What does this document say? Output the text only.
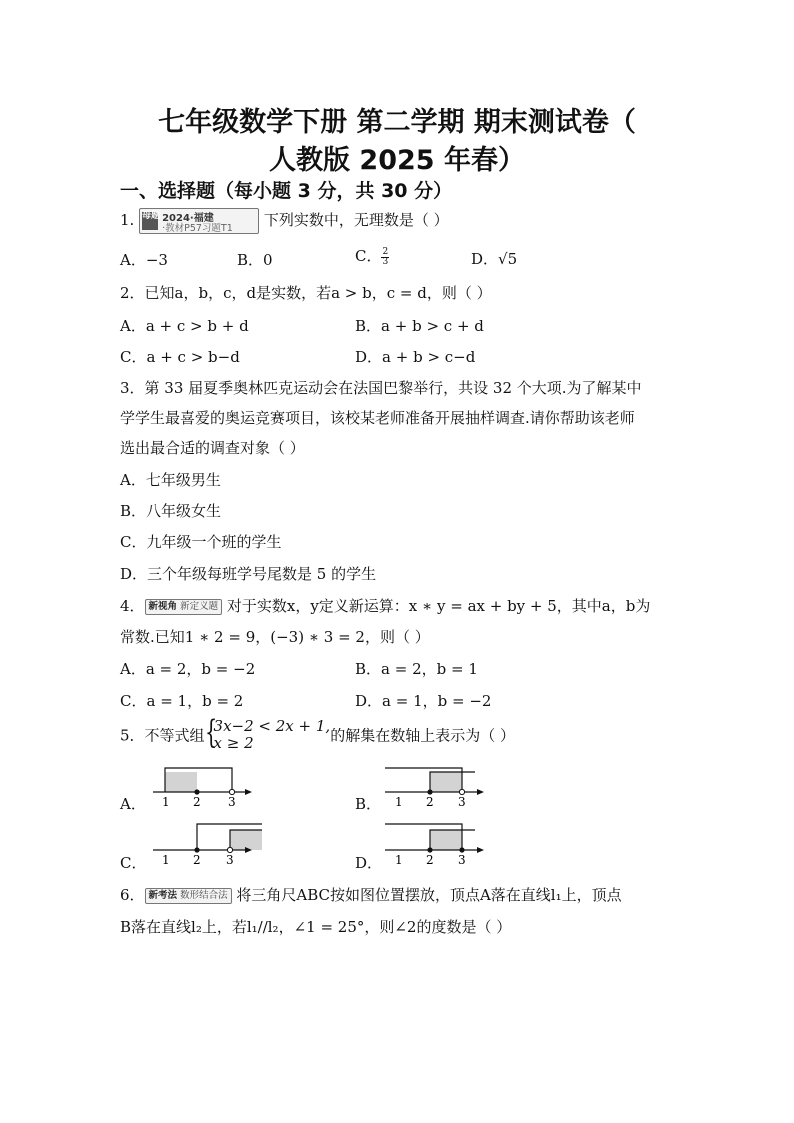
七年级数学下册 第二学期 期末测试卷（
人教版 2025 年春）
一、选择题（每小题 3 分，共 30 分）
1. 母题 2024·福建
·教材P57习题T1 下列实数中，无理数是（ ）
A．−3	B．0	C． $\frac{2}{3}$	D．√5
2．已知a，b，c，d是实数，若a > b，c = d，则（ ）
A．a + c > b + d	B．a + b > c + d
C．a + c > b−d	D．a + b > c−d
3．第 33 届夏季奥林匹克运动会在法国巴黎举行，共设 32 个大项.为了解某中
学学生最喜爱的奥运竞赛项目，该校某老师准备开展抽样调查.请你帮助该老师
选出最合适的调查对象（ ）
A．七年级男生
B．八年级女生
C．九年级一个班的学生
D．三个年级每班学号尾数是 5 的学生
4． 新视角 新定义题 对于实数x，y定义新运算：x ∗ y = ax + by + 5，其中a，b为
常数.已知1 ∗ 2 = 9，(−3) ∗ 3 = 2，则（ ）
A．a = 2，b = −2	B．a = 2，b = 1
C．a = 1，b = 2	D．a = 1，b = −2
5．不等式组 {
3x−2 < 2x + 1,
x ≥ 2	的解集在数轴上表示为（ ）
A． 1 2 3	B． 1 2 3
C． 1 2 3	D． 1 2 3
6． 新考法 数形结合法 将三角尺ABC按如图位置摆放，顶点A落在直线l₁上，顶点
B落在直线l₂上，若l₁//l₂，∠1 = 25°，则∠2的度数是（ ）
